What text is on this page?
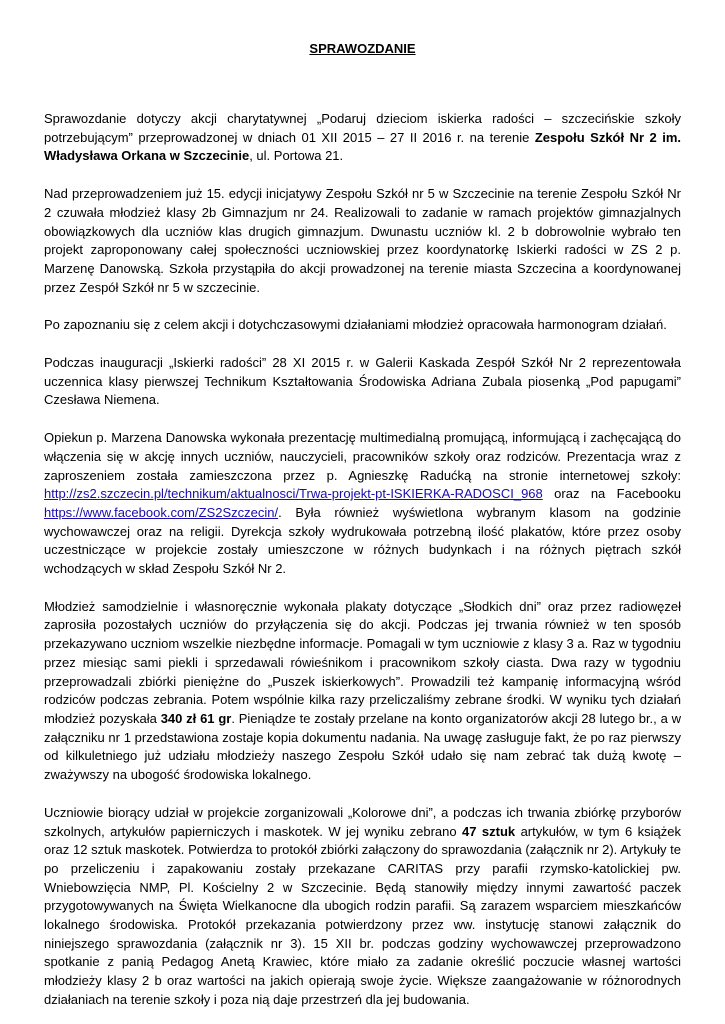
SPRAWOZDANIE

Sprawozdanie dotyczy akcji charytatywnej „Podaruj dzieciom iskierka radości – szczecińskie szkoły potrzebującym” przeprowadzonej w dniach 01 XII 2015 – 27 II 2016 r. na terenie Zespołu Szkół Nr 2 im. Władysława Orkana w Szczecinie, ul. Portowa 21.

Nad przeprowadzeniem już 15. edycji inicjatywy Zespołu Szkół nr 5 w Szczecinie na terenie Zespołu Szkół Nr 2 czuwała młodzież klasy 2b Gimnazjum nr 24. Realizowali to zadanie w ramach projektów gimnazjalnych obowiązkowych dla uczniów klas drugich gimnazjum. Dwunastu uczniów kl. 2 b dobrowolnie wybrało ten projekt zaproponowany całej społeczności uczniowskiej przez koordynatorkę Iskierki radości w ZS 2 p. Marzenę Danowską. Szkoła przystąpiła do akcji prowadzonej na terenie miasta Szczecina a koordynowanej przez Zespół Szkół nr 5 w szczecinie.

Po zapoznaniu się z celem akcji i dotychczasowymi działaniami młodzież opracowała harmonogram działań.

Podczas inauguracji „Iskierki radości” 28 XI 2015 r. w Galerii Kaskada Zespół Szkół Nr 2 reprezentowała uczennica klasy pierwszej Technikum Kształtowania Środowiska Adriana Zubala piosenką „Pod papugami” Czesława Niemena.

Opiekun p. Marzena Danowska wykonała prezentację multimedialną promującą, informującą i zachęcającą do włączenia się w akcję innych uczniów, nauczycieli, pracowników szkoły oraz rodziców. Prezentacja wraz z zaproszeniem została zamieszczona przez p. Agnieszkę Radućką na stronie internetowej szkoły: http://zs2.szczecin.pl/technikum/aktualnosci/Trwa-projekt-pt-ISKIERKA-RADOSCI_968 oraz na Facebooku https://www.facebook.com/ZS2Szczecin/. Była również wyświetlona wybranym klasom na godzinie wychowawczej oraz na religii. Dyrekcja szkoły wydrukowała potrzebną ilość plakatów, które przez osoby uczestniczące w projekcie zostały umieszczone w różnych budynkach i na różnych piętrach szkół wchodzących w skład Zespołu Szkół Nr 2.

Młodzież samodzielnie i własnoręcznie wykonała plakaty dotyczące „Słodkich dni” oraz przez radiowęzeł zaprosiła pozostałych uczniów do przyłączenia się do akcji. Podczas jej trwania również w ten sposób przekazywano uczniom wszelkie niezbędne informacje. Pomagali w tym uczniowie z klasy 3 a. Raz w tygodniu przez miesiąc sami piekli i sprzedawali rówieśnikom i pracownikom szkoły ciasta. Dwa razy w tygodniu przeprowadzali zbiórki pieniężne do „Puszek iskierkowych”. Prowadzili też kampanię informacyjną wśród rodziców podczas zebrania. Potem wspólnie kilka razy przeliczaliśmy zebrane środki. W wyniku tych działań młodzież pozyskała 340 zł 61 gr. Pieniądze te zostały przelane na konto organizatorów akcji 28 lutego br., a w załączniku nr 1 przedstawiona zostaje kopia dokumentu nadania. Na uwagę zasługuje fakt, że po raz pierwszy od kilkuletniego już udziału młodzieży naszego Zespołu Szkół udało się nam zebrać tak dużą kwotę – zważywszy na ubogość środowiska lokalnego.

Uczniowie biorący udział w projekcie zorganizowali „Kolorowe dni”, a podczas ich trwania zbiórkę przyborów szkolnych, artykułów papierniczych i maskotek. W jej wyniku zebrano 47 sztuk artykułów, w tym 6 książek oraz 12 sztuk maskotek. Potwierdza to protokół zbiórki załączony do sprawozdania (załącznik nr 2). Artykuły te po przeliczeniu i zapakowaniu zostały przekazane CARITAS przy parafii rzymsko-katolickiej pw. Wniebowzięcia NMP, Pl. Kościelny 2 w Szczecinie. Będą stanowiły między innymi zawartość paczek przygotowywanych na Święta Wielkanocne dla ubogich rodzin parafii. Są zarazem wsparciem mieszkańców lokalnego środowiska. Protokół przekazania potwierdzony przez ww. instytucję stanowi załącznik do niniejszego sprawozdania (załącznik nr 3). 15 XII br. podczas godziny wychowawczej przeprowadzono spotkanie z panią Pedagog Anetą Krawiec, które miało za zadanie określić poczucie własnej wartości młodzieży klasy 2 b oraz wartości na jakich opierają swoje życie. Większe zaangażowanie w różnorodnych działaniach na terenie szkoły i poza nią daje przestrzeń dla jej budowania.
